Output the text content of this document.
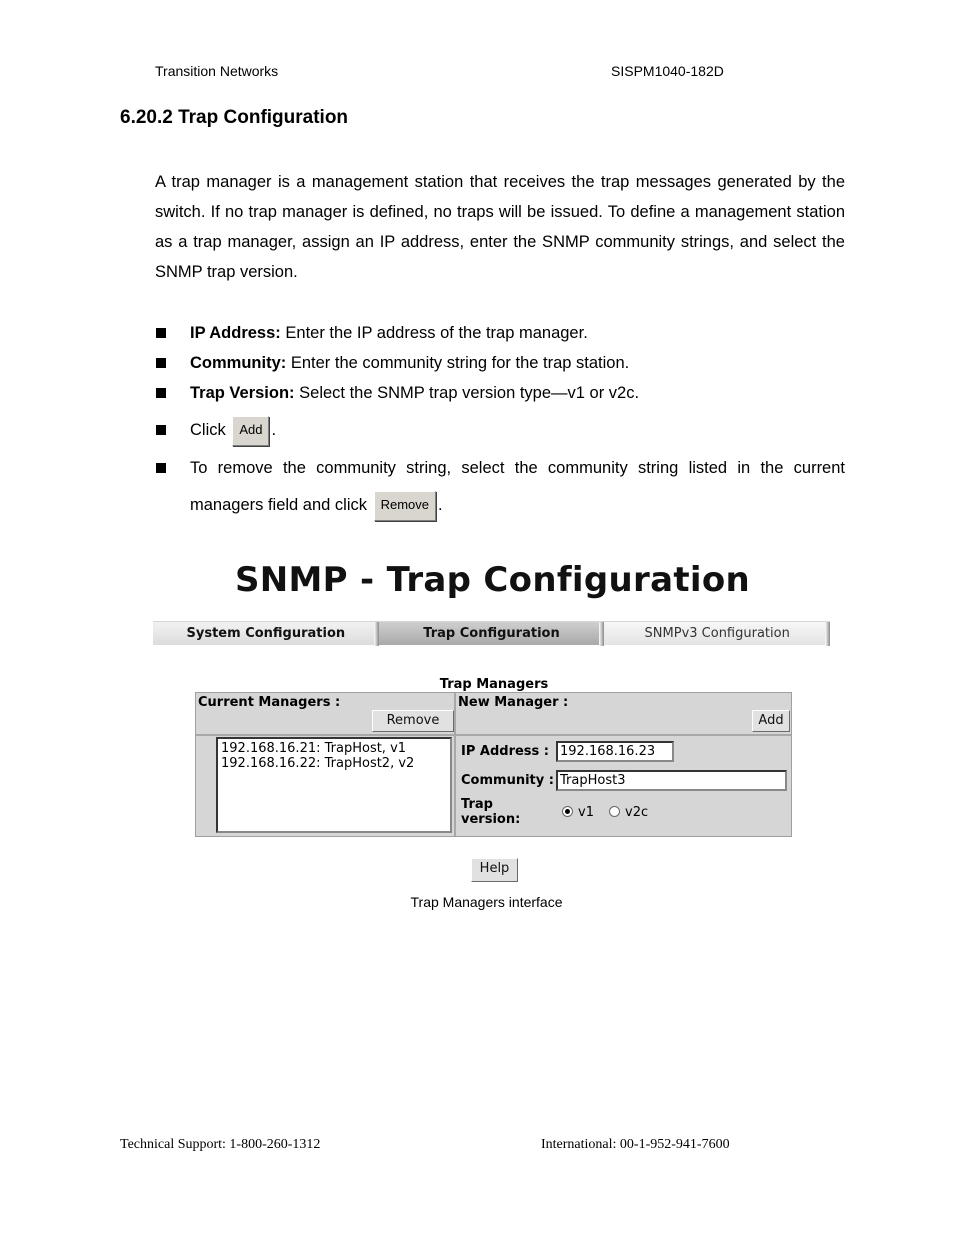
Transition Networks	SISPM1040-182D
6.20.2 Trap Configuration

A trap manager is a management station that receives the trap messages generated by the switch. If no trap manager is defined, no traps will be issued. To define a management station as a trap manager, assign an IP address, enter the SNMP community strings, and select the SNMP trap version.

IP Address: Enter the IP address of the trap manager.
Community: Enter the community string for the trap station.
Trap Version: Select the SNMP trap version type—v1 or v2c.
Click Add .
To remove the community string, select the community string listed in the current managers field and click Remove .
SNMP - Trap Configuration
System Configuration	Trap Configuration	SNMPv3 Configuration
Trap Managers
Current Managers :
Remove
New Manager :
Add
192.168.16.21: TrapHost, v1
192.168.16.22: TrapHost2, v2
IP Address : 192.168.16.23
Community : TrapHost3
Trap
version:	v1 v2c
Help
Trap Managers interface
Technical Support: 1-800-260-1312	International: 00-1-952-941-7600
